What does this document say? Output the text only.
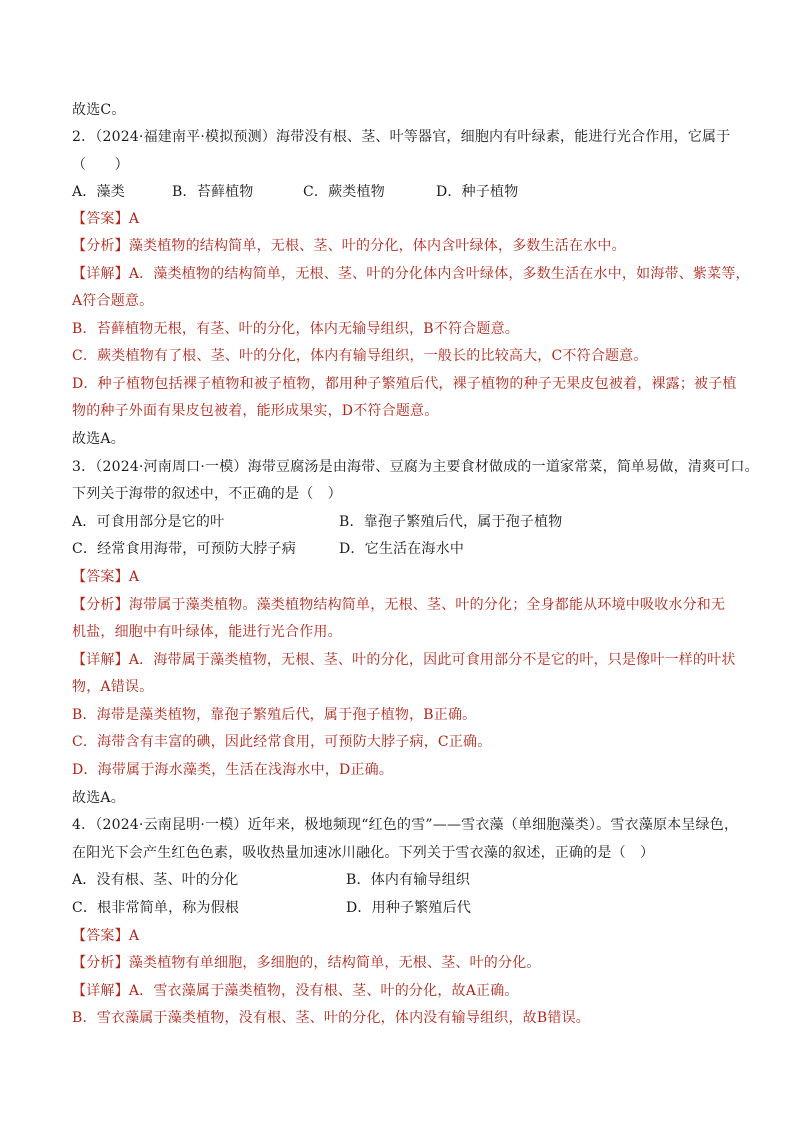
故选C。
2．（2024·福建南平·模拟预测）海带没有根、茎、叶等器官，细胞内有叶绿素，能进行光合作用，它属于
（　　）
A．藻类	B．苔藓植物	C．蕨类植物	D．种子植物
【答案】A
【分析】藻类植物的结构简单，无根、茎、叶的分化，体内含叶绿体，多数生活在水中。
【详解】A．藻类植物的结构简单，无根、茎、叶的分化体内含叶绿体，多数生活在水中，如海带、紫菜等，
A符合题意。
B．苔藓植物无根，有茎、叶的分化，体内无输导组织，B不符合题意。
C．蕨类植物有了根、茎、叶的分化，体内有输导组织，一般长的比较高大，C不符合题意。
D．种子植物包括裸子植物和被子植物，都用种子繁殖后代，裸子植物的种子无果皮包被着，裸露；被子植
物的种子外面有果皮包被着，能形成果实，D不符合题意。
故选A。
3．（2024·河南周口·一模）海带豆腐汤是由海带、豆腐为主要食材做成的一道家常菜，简单易做，清爽可口。
下列关于海带的叙述中，不正确的是（　）
A．可食用部分是它的叶	B．靠孢子繁殖后代，属于孢子植物
C．经常食用海带，可预防大脖子病	D．它生活在海水中
【答案】A
【分析】海带属于藻类植物。藻类植物结构简单，无根、茎、叶的分化；全身都能从环境中吸收水分和无
机盐，细胞中有叶绿体，能进行光合作用。
【详解】A．海带属于藻类植物，无根、茎、叶的分化，因此可食用部分不是它的叶，只是像叶一样的叶状
物，A错误。
B．海带是藻类植物，靠孢子繁殖后代，属于孢子植物，B正确。
C．海带含有丰富的碘，因此经常食用，可预防大脖子病，C正确。
D．海带属于海水藻类，生活在浅海水中，D正确。
故选A。
4．（2024·云南昆明·一模）近年来，极地频现“红色的雪”——雪衣藻（单细胞藻类）。雪衣藻原本呈绿色，
在阳光下会产生红色色素，吸收热量加速冰川融化。下列关于雪衣藻的叙述，正确的是（　）
A．没有根、茎、叶的分化	B．体内有输导组织
C．根非常简单，称为假根	D．用种子繁殖后代
【答案】A
【分析】藻类植物有单细胞，多细胞的，结构简单，无根、茎、叶的分化。
【详解】A．雪衣藻属于藻类植物，没有根、茎、叶的分化，故A正确。
B．雪衣藻属于藻类植物，没有根、茎、叶的分化，体内没有输导组织，故B错误。
